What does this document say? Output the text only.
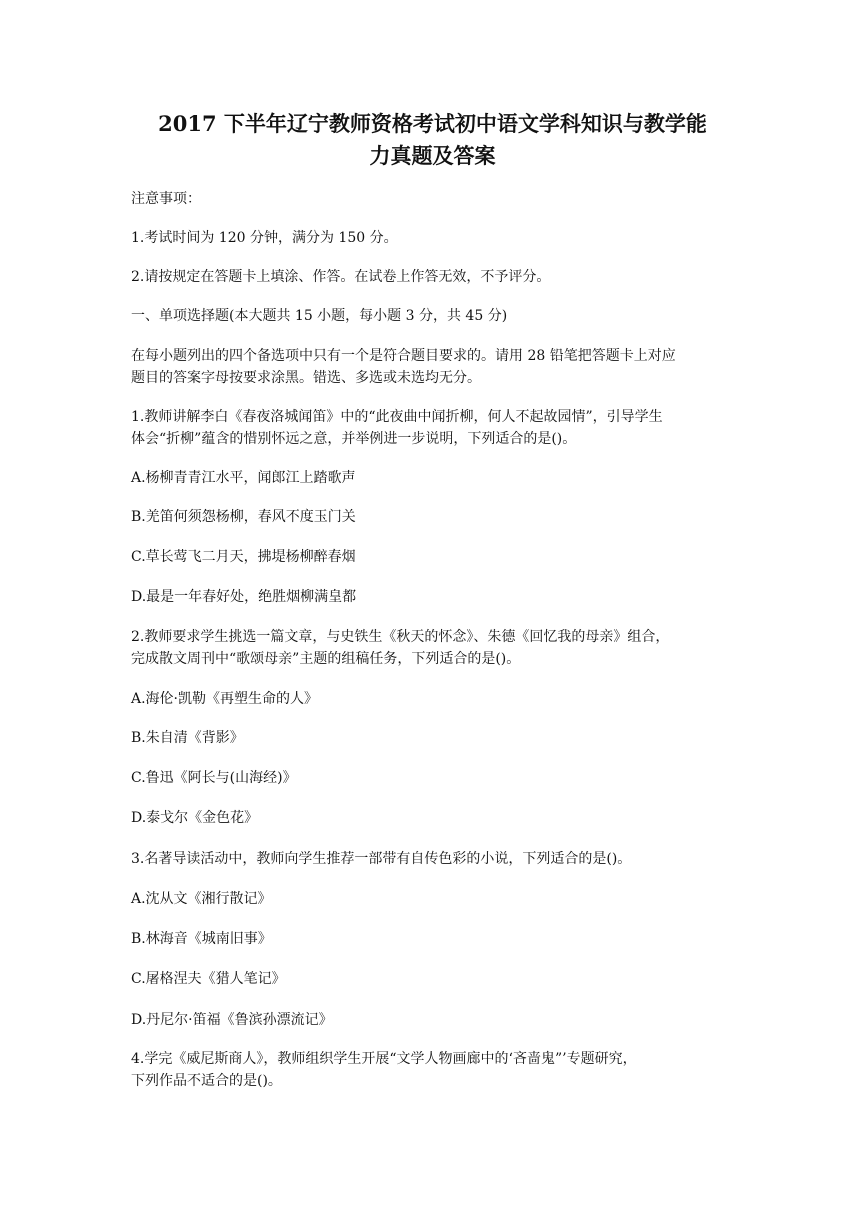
2017 下半年辽宁教师资格考试初中语文学科知识与教学能
力真题及答案

注意事项：

1.考试时间为 120 分钟，满分为 150 分。

2.请按规定在答题卡上填涂、作答。在试卷上作答无效，不予评分。

一、单项选择题(本大题共 15 小题，每小题 3 分，共 45 分)

在每小题列出的四个备选项中只有一个是符合题目要求的。请用 28 铅笔把答题卡上对应

题目的答案字母按要求涂黑。错选、多选或未选均无分。

1.教师讲解李白《春夜洛城闻笛》中的“此夜曲中闻折柳，何人不起故园情”，引导学生

体会“折柳”蕴含的惜别怀远之意，并举例进一步说明，下列适合的是()。

A.杨柳青青江水平，闻郎江上踏歌声

B.羌笛何须怨杨柳，春风不度玉门关

C.草长莺飞二月天，拂堤杨柳醉春烟

D.最是一年春好处，绝胜烟柳满皇都

2.教师要求学生挑选一篇文章，与史铁生《秋天的怀念》、朱德《回忆我的母亲》组合，

完成散文周刊中“歌颂母亲”主题的组稿任务，下列适合的是()。

A.海伦·凯勒《再塑生命的人》

B.朱自清《背影》

C.鲁迅《阿长与(山海经)》

D.泰戈尔《金色花》

3.名著导读活动中，教师向学生推荐一部带有自传色彩的小说，下列适合的是()。

A.沈从文《湘行散记》

B.林海音《城南旧事》

C.屠格涅夫《猎人笔记》

D.丹尼尔·笛福《鲁滨孙漂流记》

4.学完《威尼斯商人》，教师组织学生开展“文学人物画廊中的‘吝啬鬼”’专题研究，

下列作品不适合的是()。
